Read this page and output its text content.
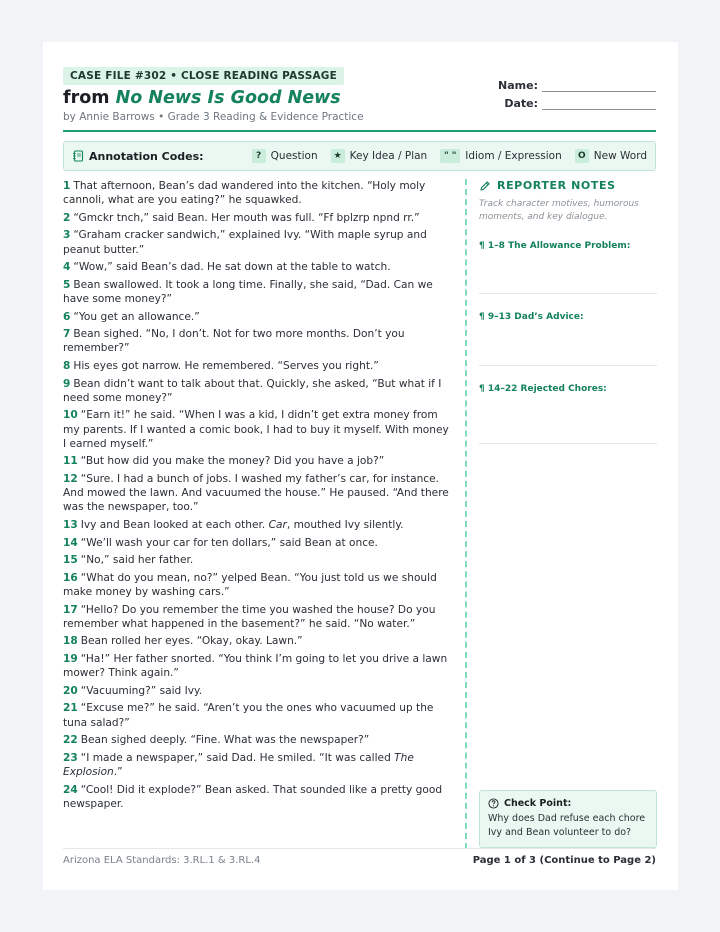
CASE FILE #302 • CLOSE READING PASSAGE
from No News Is Good News
by Annie Barrows • Grade 3 Reading & Evidence Practice
Name:
Date:
Annotation Codes:	? Question	★ Key Idea / Plan	" " Idiom / Expression	O New Word
1 That afternoon, Bean’s dad wandered into the kitchen. “Holy moly cannoli, what are you eating?” he squawked.
2 “Gmckr tnch,” said Bean. Her mouth was full. “Ff bplzrp npnd rr.”
3 “Graham cracker sandwich,” explained Ivy. “With maple syrup and peanut butter.”
4 “Wow,” said Bean’s dad. He sat down at the table to watch.
5 Bean swallowed. It took a long time. Finally, she said, “Dad. Can we have some money?”
6 “You get an allowance.”
7 Bean sighed. “No, I don’t. Not for two more months. Don’t you remember?”
8 His eyes got narrow. He remembered. “Serves you right.”
9 Bean didn’t want to talk about that. Quickly, she asked, “But what if I need some money?”
10 “Earn it!” he said. “When I was a kid, I didn’t get extra money from my parents. If I wanted a comic book, I had to buy it myself. With money I earned myself.”
11 “But how did you make the money? Did you have a job?”
12 “Sure. I had a bunch of jobs. I washed my father’s car, for instance. And mowed the lawn. And vacuumed the house.” He paused. “And there was the newspaper, too.”
13 Ivy and Bean looked at each other. Car, mouthed Ivy silently.
14 “We’ll wash your car for ten dollars,” said Bean at once.
15 “No,” said her father.
16 “What do you mean, no?” yelped Bean. “You just told us we should make money by washing cars.”
17 “Hello? Do you remember the time you washed the house? Do you remember what happened in the basement?” he said. “No water.”
18 Bean rolled her eyes. “Okay, okay. Lawn.”
19 “Ha!” Her father snorted. “You think I’m going to let you drive a lawn mower? Think again.”
20 “Vacuuming?” said Ivy.
21 “Excuse me?” he said. “Aren’t you the ones who vacuumed up the tuna salad?”
22 Bean sighed deeply. “Fine. What was the newspaper?”
23 “I made a newspaper,” said Dad. He smiled. “It was called The Explosion.”
24 “Cool! Did it explode?” Bean asked. That sounded like a pretty good newspaper.
REPORTER NOTES
Track character motives, humorous moments, and key dialogue.
¶ 1–8 The Allowance Problem:
¶ 9–13 Dad’s Advice:
¶ 14–22 Rejected Chores:
Check Point:
Why does Dad refuse each chore Ivy and Bean volunteer to do?
Arizona ELA Standards: 3.RL.1 & 3.RL.4	Page 1 of 3 (Continue to Page 2)
